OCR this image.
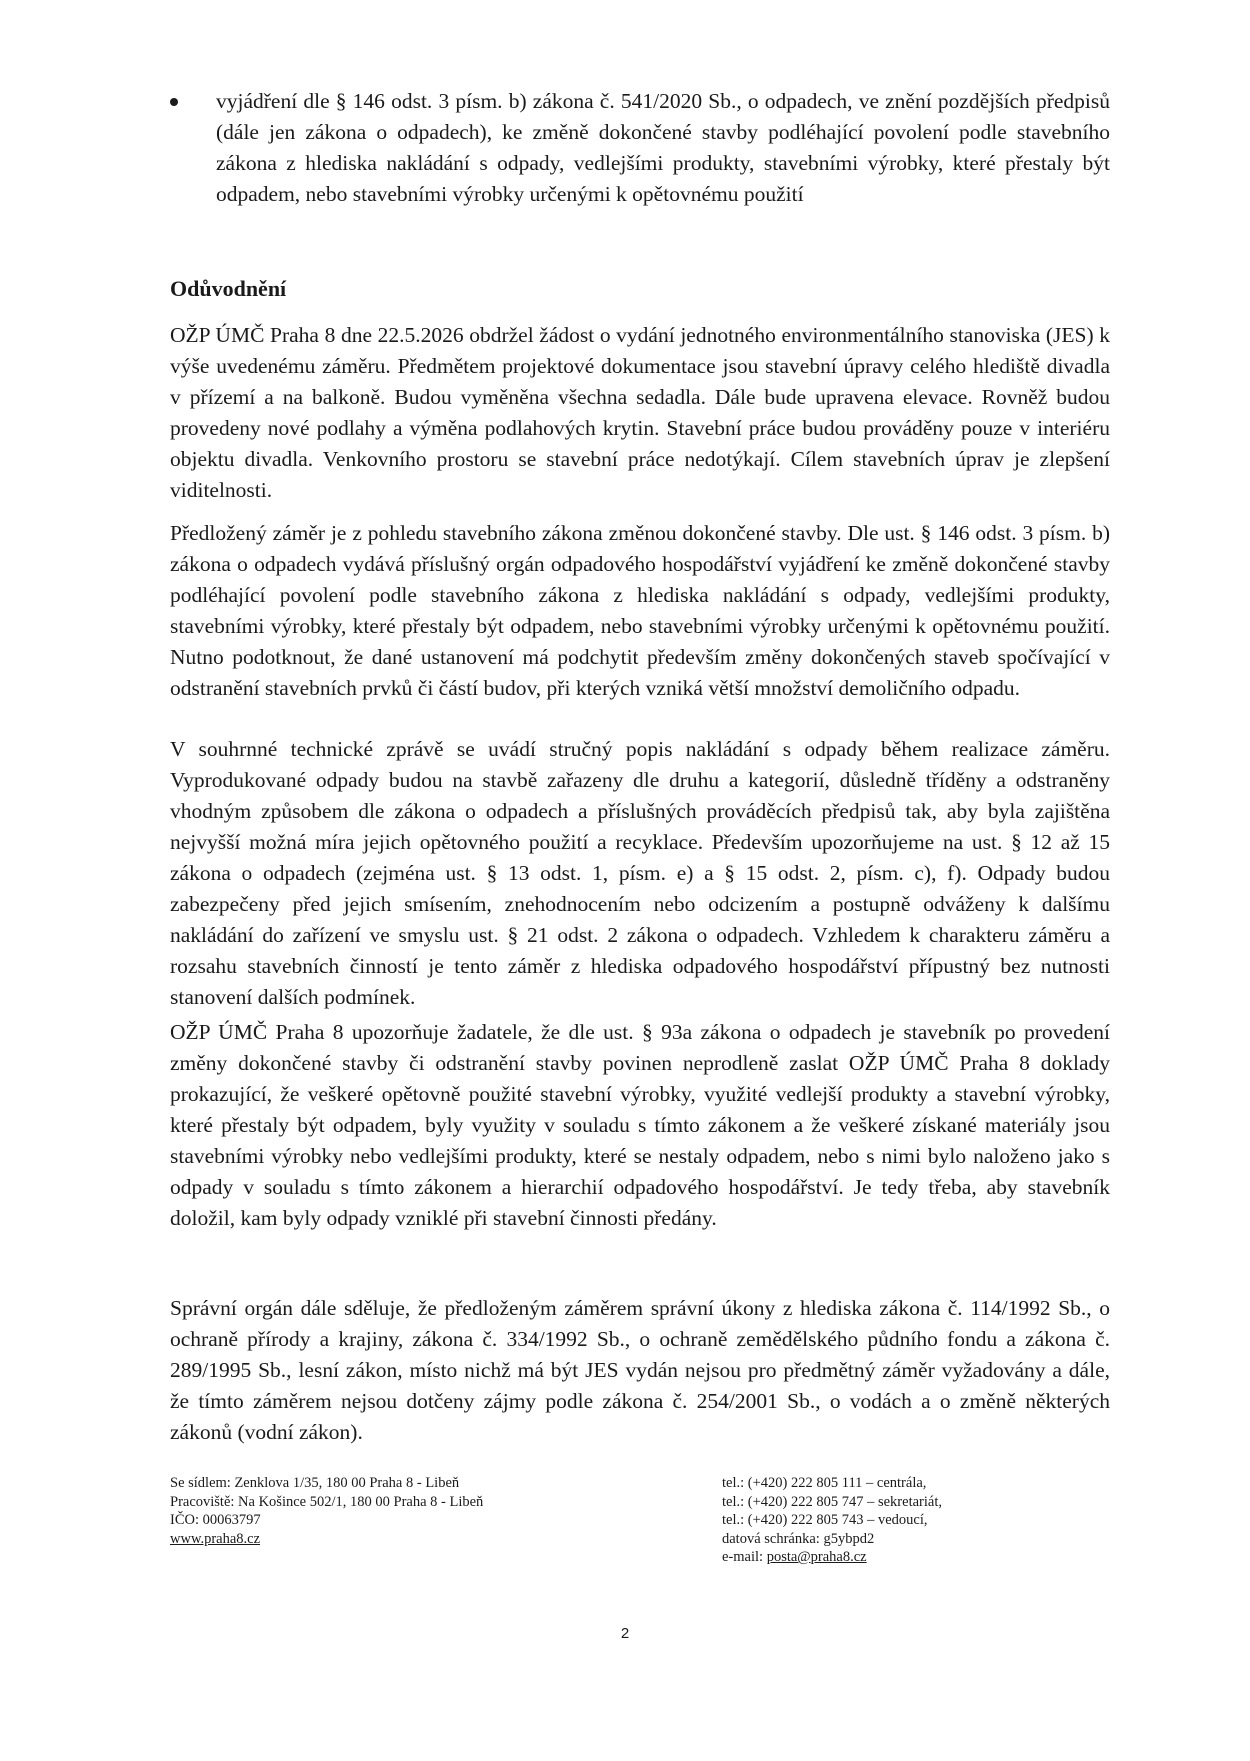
vyjádření dle § 146 odst. 3 písm. b) zákona č. 541/2020 Sb., o odpadech, ve znění pozdějších předpisů (dále jen zákona o odpadech), ke změně dokončené stavby podléhající povolení podle stavebního zákona z hlediska nakládání s odpady, vedlejšími produkty, stavebními výrobky, které přestaly být odpadem, nebo stavebními výrobky určenými k opětovnému použití

Odůvodnění

OŽP ÚMČ Praha 8 dne 22.5.2026 obdržel žádost o vydání jednotného environmentálního stanoviska (JES) k výše uvedenému záměru. Předmětem projektové dokumentace jsou stavební úpravy celého hlediště divadla v přízemí a na balkoně. Budou vyměněna všechna sedadla. Dále bude upravena elevace. Rovněž budou provedeny nové podlahy a výměna podlahových krytin. Stavební práce budou prováděny pouze v interiéru objektu divadla. Venkovního prostoru se stavební práce nedotýkají. Cílem stavebních úprav je zlepšení viditelnosti.

Předložený záměr je z pohledu stavebního zákona změnou dokončené stavby. Dle ust. § 146 odst. 3 písm. b) zákona o odpadech vydává příslušný orgán odpadového hospodářství vyjádření ke změně dokončené stavby podléhající povolení podle stavebního zákona z hlediska nakládání s odpady, vedlejšími produkty, stavebními výrobky, které přestaly být odpadem, nebo stavebními výrobky určenými k opětovnému použití. Nutno podotknout, že dané ustanovení má podchytit především změny dokončených staveb spočívající v odstranění stavebních prvků či částí budov, při kterých vzniká větší množství demoličního odpadu.

V souhrnné technické zprávě se uvádí stručný popis nakládání s odpady během realizace záměru. Vyprodukované odpady budou na stavbě zařazeny dle druhu a kategorií, důsledně tříděny a odstraněny vhodným způsobem dle zákona o odpadech a příslušných prováděcích předpisů tak, aby byla zajištěna nejvyšší možná míra jejich opětovného použití a recyklace. Především upozorňujeme na ust. § 12 až 15 zákona o odpadech (zejména ust. § 13 odst. 1, písm. e) a § 15 odst. 2, písm. c), f). Odpady budou zabezpečeny před jejich smísením, znehodnocením nebo odcizením a postupně odváženy k dalšímu nakládání do zařízení ve smyslu ust. § 21 odst. 2 zákona o odpadech. Vzhledem k charakteru záměru a rozsahu stavebních činností je tento záměr z hlediska odpadového hospodářství přípustný bez nutnosti stanovení dalších podmínek.

OŽP ÚMČ Praha 8 upozorňuje žadatele, že dle ust. § 93a zákona o odpadech je stavebník po provedení změny dokončené stavby či odstranění stavby povinen neprodleně zaslat OŽP ÚMČ Praha 8 doklady prokazující, že veškeré opětovně použité stavební výrobky, využité vedlejší produkty a stavební výrobky, které přestaly být odpadem, byly využity v souladu s tímto zákonem a že veškeré získané materiály jsou stavebními výrobky nebo vedlejšími produkty, které se nestaly odpadem, nebo s nimi bylo naloženo jako s odpady v souladu s tímto zákonem a hierarchií odpadového hospodářství. Je tedy třeba, aby stavebník doložil, kam byly odpady vzniklé při stavební činnosti předány.

Správní orgán dále sděluje, že předloženým záměrem správní úkony z hlediska zákona č. 114/1992 Sb., o ochraně přírody a krajiny, zákona č. 334/1992 Sb., o ochraně zemědělského půdního fondu a zákona č. 289/1995 Sb., lesní zákon, místo nichž má být JES vydán nejsou pro předmětný záměr vyžadovány a dále, že tímto záměrem nejsou dotčeny zájmy podle zákona č. 254/2001 Sb., o vodách a o změně některých zákonů (vodní zákon).

Se sídlem: Zenklova 1/35, 180 00 Praha 8 - Libeň
Pracoviště: Na Košince 502/1, 180 00 Praha 8 - Libeň
IČO: 00063797
www.praha8.cz
tel.: (+420) 222 805 111 – centrála,
tel.: (+420) 222 805 747 – sekretariát,
tel.: (+420) 222 805 743 – vedoucí,
datová schránka: g5ybpd2
e-mail: posta@praha8.cz
2
